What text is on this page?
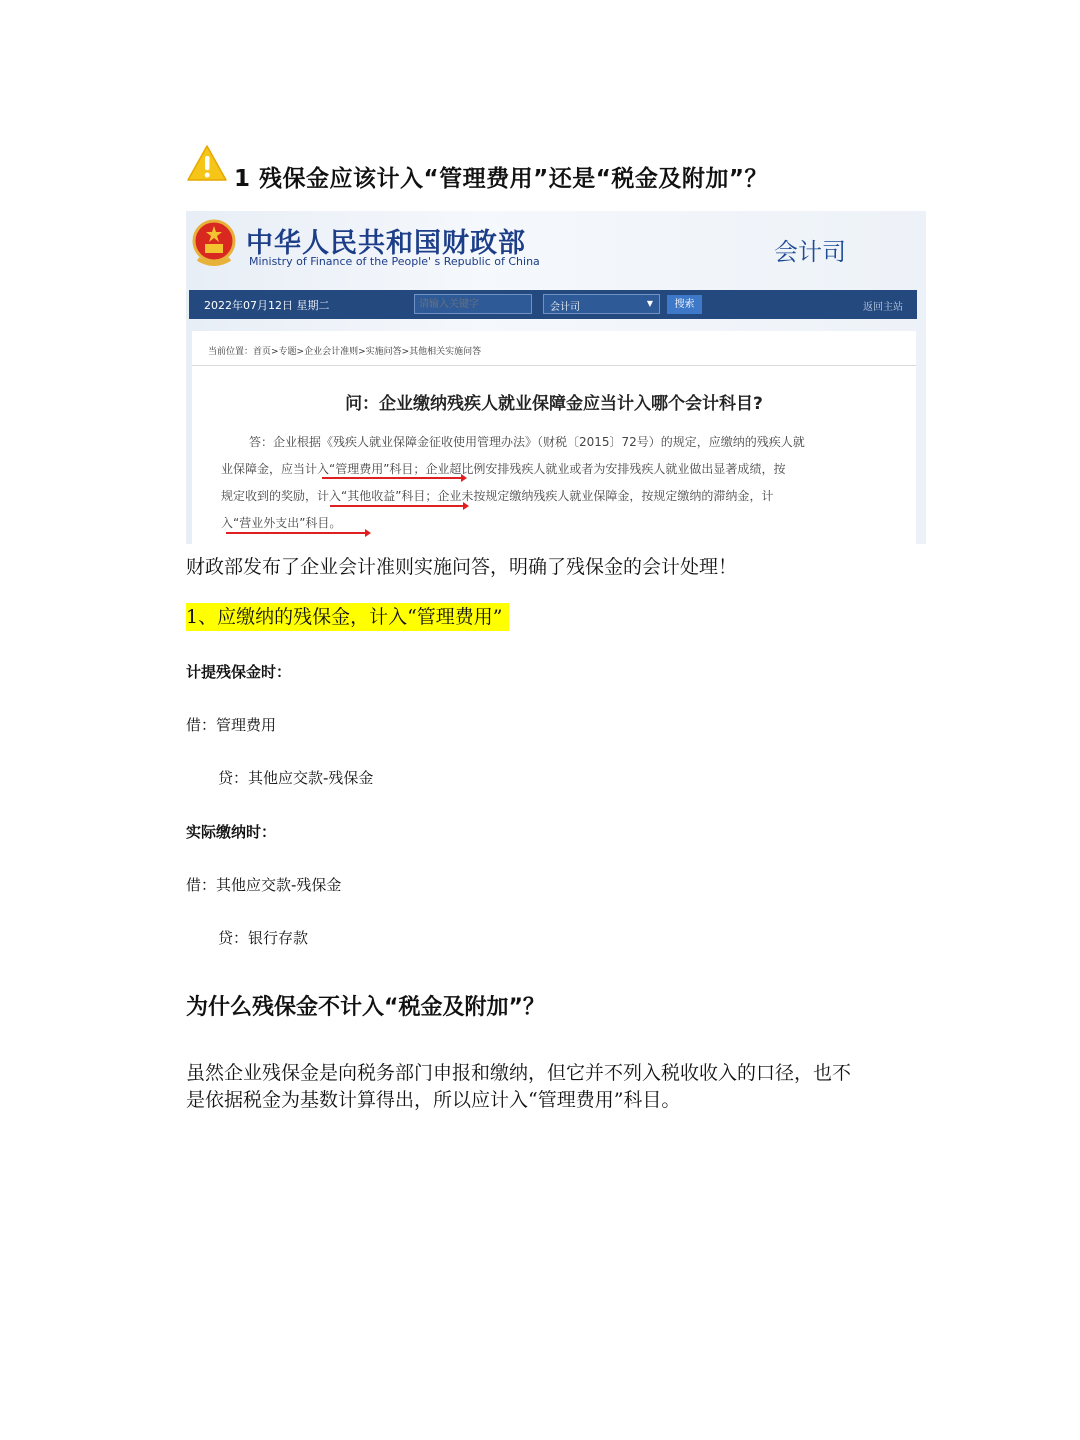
1 残保金应该计入“管理费用”还是“税金及附加”？
中华人民共和国财政部
Ministry of Finance of the People' s Republic of China	会计司
2022年07月12日 星期二
请输入关键字	会计司	▼	搜索	返回主站
当前位置：首页>专题>企业会计准则>实施问答>其他相关实施问答
问：企业缴纳残疾人就业保障金应当计入哪个会计科目?
答：企业根据《残疾人就业保障金征收使用管理办法》（财税〔2015〕72号）的规定，应缴纳的残疾人就
业保障金，应当计入“管理费用”科目；企业超比例安排残疾人就业或者为安排残疾人就业做出显著成绩，按
规定收到的奖励，计入“其他收益”科目；企业未按规定缴纳残疾人就业保障金，按规定缴纳的滞纳金，计
入“营业外支出”科目。
财政部发布了企业会计准则实施问答，明确了残保金的会计处理！
1、应缴纳的残保金，计入“管理费用”
计提残保金时：
借：管理费用
贷：其他应交款-残保金
实际缴纳时：
借：其他应交款-残保金
贷：银行存款
为什么残保金不计入“税金及附加”？
虽然企业残保金是向税务部门申报和缴纳，但它并不列入税收收入的口径，也不
是依据税金为基数计算得出，所以应计入“管理费用”科目。
